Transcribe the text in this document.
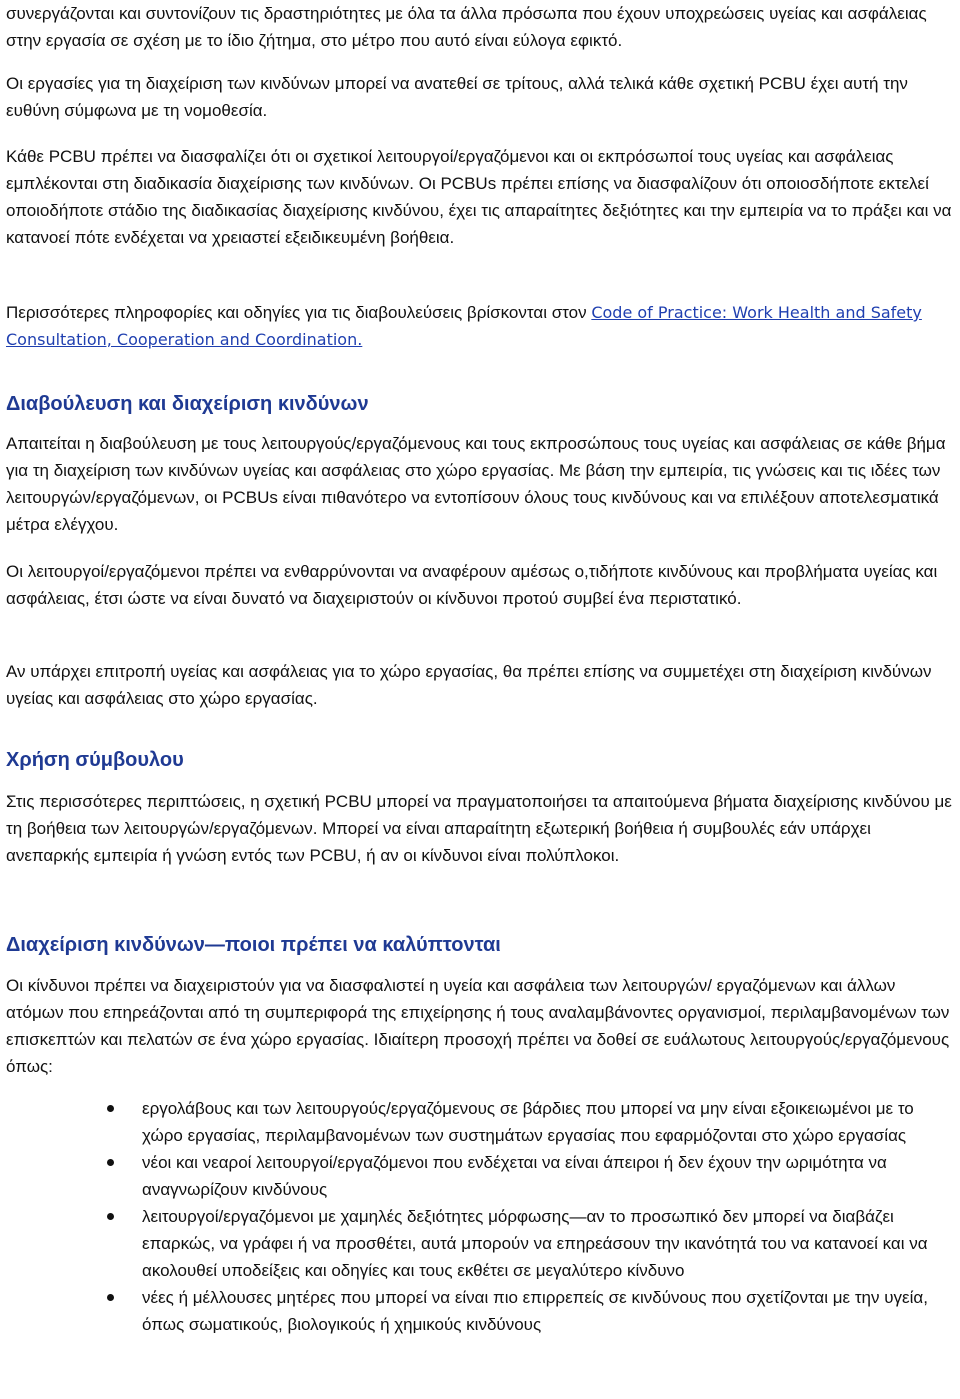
συνεργάζονται και συντονίζουν τις δραστηριότητες με όλα τα άλλα πρόσωπα που έχουν υποχρεώσεις υγείας και ασφάλειας στην εργασία σε σχέση με το ίδιο ζήτημα, στο μέτρο που αυτό είναι εύλογα εφικτό.

Οι εργασίες για τη διαχείριση των κινδύνων μπορεί να ανατεθεί σε τρίτους, αλλά τελικά κάθε σχετική PCBU έχει αυτή την ευθύνη σύμφωνα με τη νομοθεσία.

Κάθε PCBU πρέπει να διασφαλίζει ότι οι σχετικοί λειτουργοί/εργαζόμενοι και οι εκπρόσωποί τους υγείας και ασφάλειας εμπλέκονται στη διαδικασία διαχείρισης των κινδύνων. Οι PCBUs πρέπει επίσης να διασφαλίζουν ότι οποιοσδήποτε εκτελεί οποιοδήποτε στάδιο της διαδικασίας διαχείρισης κινδύνου, έχει τις απαραίτητες δεξιότητες και την εμπειρία να το πράξει και να κατανοεί πότε ενδέχεται να χρειαστεί εξειδικευμένη βοήθεια.

Περισσότερες πληροφορίες και οδηγίες για τις διαβουλεύσεις βρίσκονται στον Code of Practice: Work Health and Safety Consultation, Cooperation and Coordination.

Διαβούλευση και διαχείριση κινδύνων

Απαιτείται η διαβούλευση με τους λειτουργούς/εργαζόμενους και τους εκπροσώπους τους υγείας και ασφάλειας σε κάθε βήμα για τη διαχείριση των κινδύνων υγείας και ασφάλειας στο χώρο εργασίας. Με βάση την εμπειρία, τις γνώσεις και τις ιδέες των λειτουργών/εργαζόμενων, οι PCBUs είναι πιθανότερο να εντοπίσουν όλους τους κινδύνους και να επιλέξουν αποτελεσματικά μέτρα ελέγχου.

Οι λειτουργοί/εργαζόμενοι πρέπει να ενθαρρύνονται να αναφέρουν αμέσως ο,τιδήποτε κινδύνους και προβλήματα υγείας και ασφάλειας, έτσι ώστε να είναι δυνατό να διαχειριστούν οι κίνδυνοι προτού συμβεί ένα περιστατικό.

Αν υπάρχει επιτροπή υγείας και ασφάλειας για το χώρο εργασίας, θα πρέπει επίσης να συμμετέχει στη διαχείριση κινδύνων υγείας και ασφάλειας στο χώρο εργασίας.

Χρήση σύμβουλου

Στις περισσότερες περιπτώσεις, η σχετική PCBU μπορεί να πραγματοποιήσει τα απαιτούμενα βήματα διαχείρισης κινδύνου με τη βοήθεια των λειτουργών/εργαζόμενων. Μπορεί να είναι απαραίτητη εξωτερική βοήθεια ή συμβουλές εάν υπάρχει ανεπαρκής εμπειρία ή γνώση εντός των PCBU, ή αν οι κίνδυνοι είναι πολύπλοκοι.

Διαχείριση κινδύνων—ποιοι πρέπει να καλύπτονται

Οι κίνδυνοι πρέπει να διαχειριστούν για να διασφαλιστεί η υγεία και ασφάλεια των λειτουργών/ εργαζόμενων και άλλων ατόμων που επηρεάζονται από τη συμπεριφορά της επιχείρησης ή τους αναλαμβάνοντες οργανισμοί, περιλαμβανομένων των επισκεπτών και πελατών σε ένα χώρο εργασίας. Ιδιαίτερη προσοχή πρέπει να δοθεί σε ευάλωτους λειτουργούς/εργαζόμενους όπως:

εργολάβους και των λειτουργούς/εργαζόμενους σε βάρδιες που μπορεί να μην είναι εξοικειωμένοι με το χώρο εργασίας, περιλαμβανομένων των συστημάτων εργασίας που εφαρμόζονται στο χώρο εργασίας
νέοι και νεαροί λειτουργοί/εργαζόμενοι που ενδέχεται να είναι άπειροι ή δεν έχουν την ωριμότητα να αναγνωρίζουν κινδύνους
λειτουργοί/εργαζόμενοι με χαμηλές δεξιότητες μόρφωσης—αν το προσωπικό δεν μπορεί να διαβάζει επαρκώς, να γράφει ή να προσθέτει, αυτά μπορούν να επηρεάσουν την ικανότητά του να κατανοεί και να ακολουθεί υποδείξεις και οδηγίες και τους εκθέτει σε μεγαλύτερο κίνδυνο
νέες ή μέλλουσες μητέρες που μπορεί να είναι πιο επιρρεπείς σε κινδύνους που σχετίζονται με την υγεία, όπως σωματικούς, βιολογικούς ή χημικούς κινδύνους
